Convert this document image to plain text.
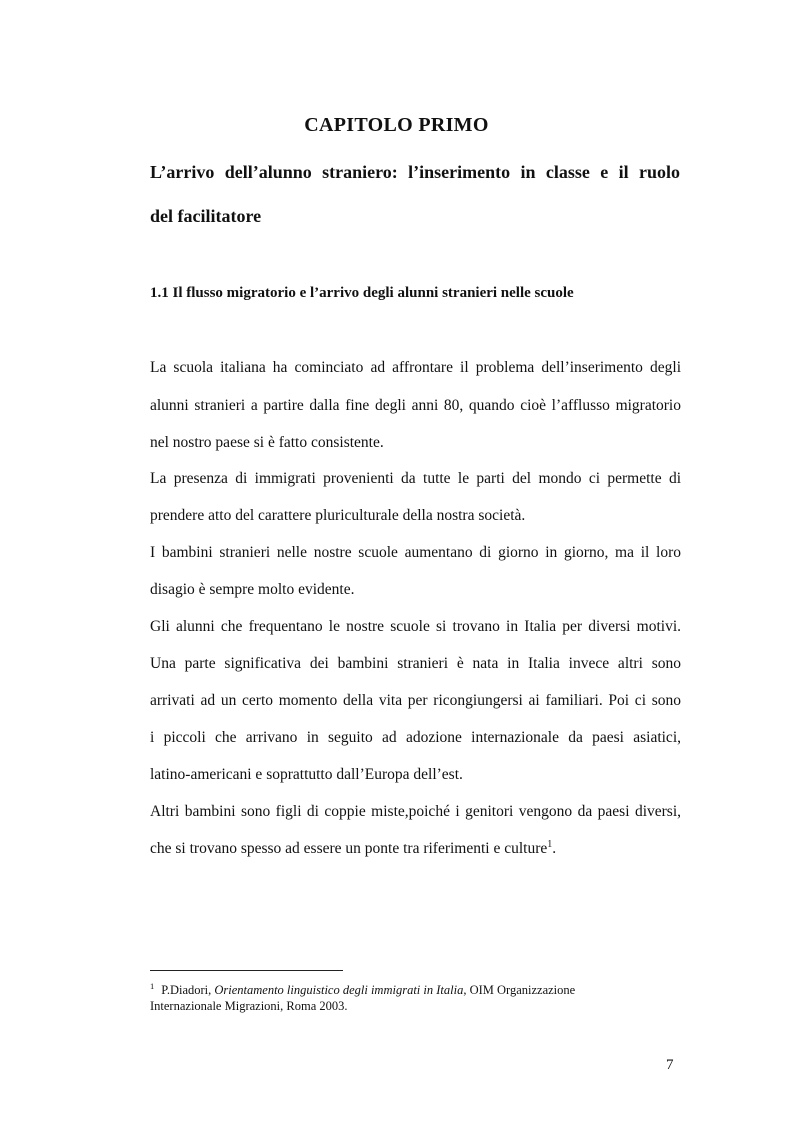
CAPITOLO PRIMO

L’arrivo dell’alunno straniero: l’inserimento in classe e il ruolo

del facilitatore

1.1 Il flusso migratorio e l’arrivo degli alunni stranieri nelle scuole
La scuola italiana ha cominciato ad affrontare il problema dell’inserimento degli
alunni stranieri a partire dalla fine degli anni 80, quando cioè l’afflusso migratorio
nel nostro paese si è fatto consistente.
La presenza di immigrati provenienti da tutte le parti del mondo ci permette di
prendere atto del carattere pluriculturale della nostra società.
I bambini stranieri nelle nostre scuole aumentano di giorno in giorno, ma il loro
disagio è sempre molto evidente.
Gli alunni che frequentano le nostre scuole si trovano in Italia per diversi motivi.
Una parte significativa dei bambini stranieri è nata in Italia invece altri sono
arrivati ad un certo momento della vita per ricongiungersi ai familiari. Poi ci sono
i piccoli che arrivano in seguito ad adozione internazionale da paesi asiatici,
latino-americani e soprattutto dall’Europa dell’est.
Altri bambini sono figli di coppie miste,poiché i genitori vengono da paesi diversi,
che si trovano spesso ad essere un ponte tra riferimenti e culture$^1$.
$^1$ P.Diadori, Orientamento linguistico degli immigrati in Italia, OIM Organizzazione
Internazionale Migrazioni, Roma 2003.
7
